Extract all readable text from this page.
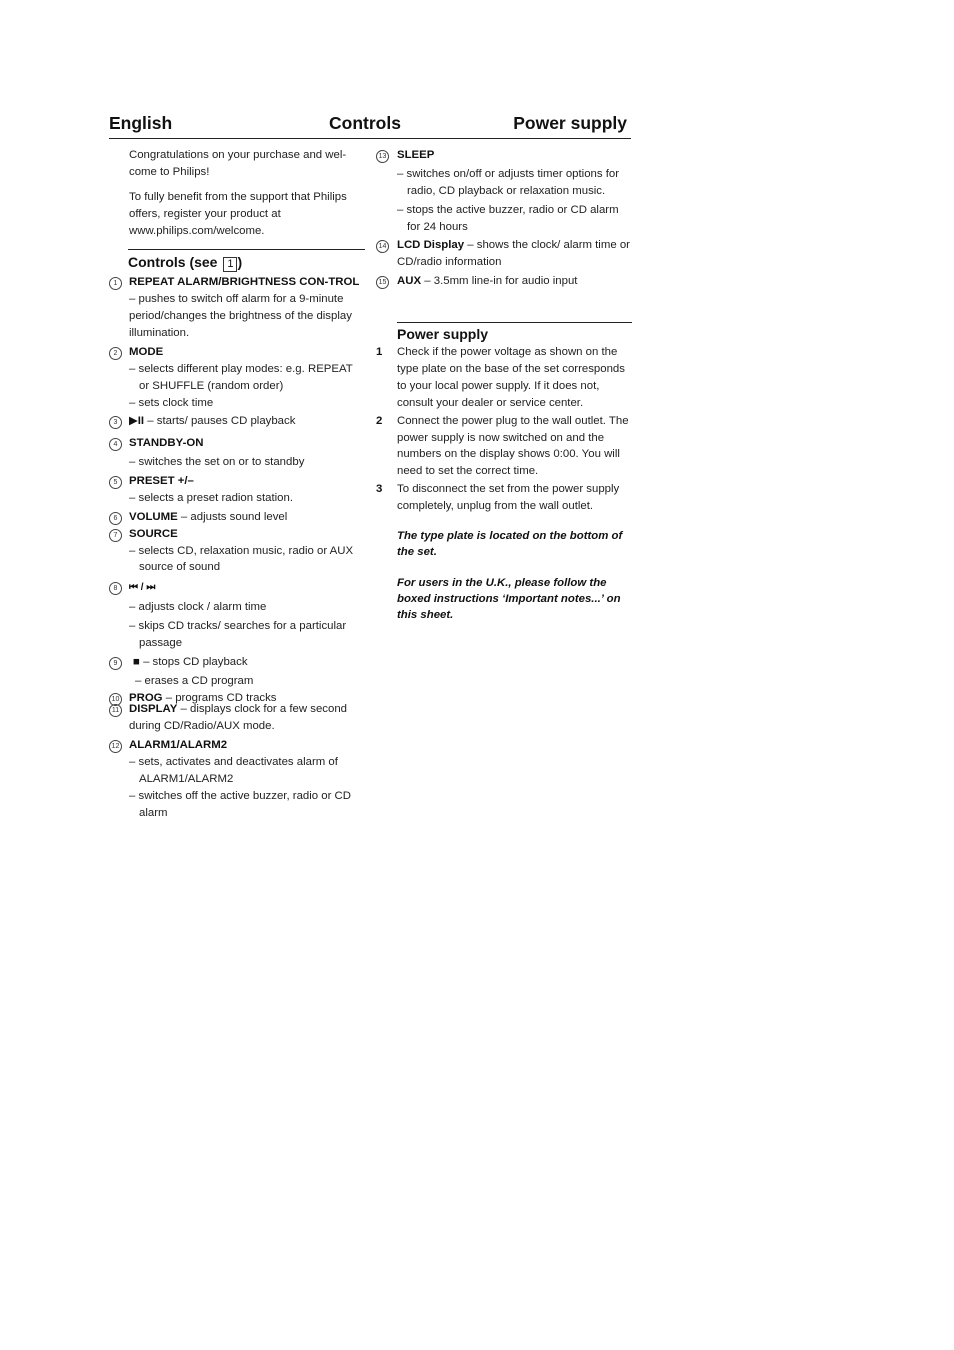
English	Controls	Power supply

Congratulations on your purchase and wel-come to Philips!

To fully benefit from the support that Philips offers, register your product at www.philips.com/welcome.

Controls (see 1 )
1	REPEAT ALARM/BRIGHTNESS CON-TROL – pushes to switch off alarm for a 9-minute period/changes the brightness of the display illumination.
2	MODE
– selects different play modes: e.g. REPEAT or SHUFFLE (random order)
– sets clock time
3	▶II – starts/ pauses CD playback
4	STANDBY-ON
– switches the set on or to standby
5	PRESET +/–
– selects a preset radion station.
6	VOLUME – adjusts sound level
7	SOURCE
– selects CD, relaxation music, radio or AUX source of sound
8	⏮ / ⏭
– adjusts clock / alarm time
– skips CD tracks/ searches for a particular passage
9	■ – stops CD playback
– erases a CD program
10 PROG – programs CD tracks
11 DISPLAY – displays clock for a few second during CD/Radio/AUX mode.
12 ALARM1/ALARM2
– sets, activates and deactivates alarm of ALARM1/ALARM2
– switches off the active buzzer, radio or CD alarm
13 SLEEP
– switches on/off or adjusts timer options for radio, CD playback or relaxation music.
– stops the active buzzer, radio or CD alarm for 24 hours
14 LCD Display – shows the clock/ alarm time or CD/radio information
15 AUX – 3.5mm line-in for audio input
Power supply
1 Check if the power voltage as shown on the type plate on the base of the set corresponds to your local power supply. If it does not, consult your dealer or service center.
2 Connect the power plug to the wall outlet. The power supply is now switched on and the numbers on the display shows 0:00. You will need to set the correct time.
3 To disconnect the set from the power supply completely, unplug from the wall outlet.

The type plate is located on the bottom of the set.

For users in the U.K., please follow the boxed instructions ‘Important notes...’ on this sheet.
